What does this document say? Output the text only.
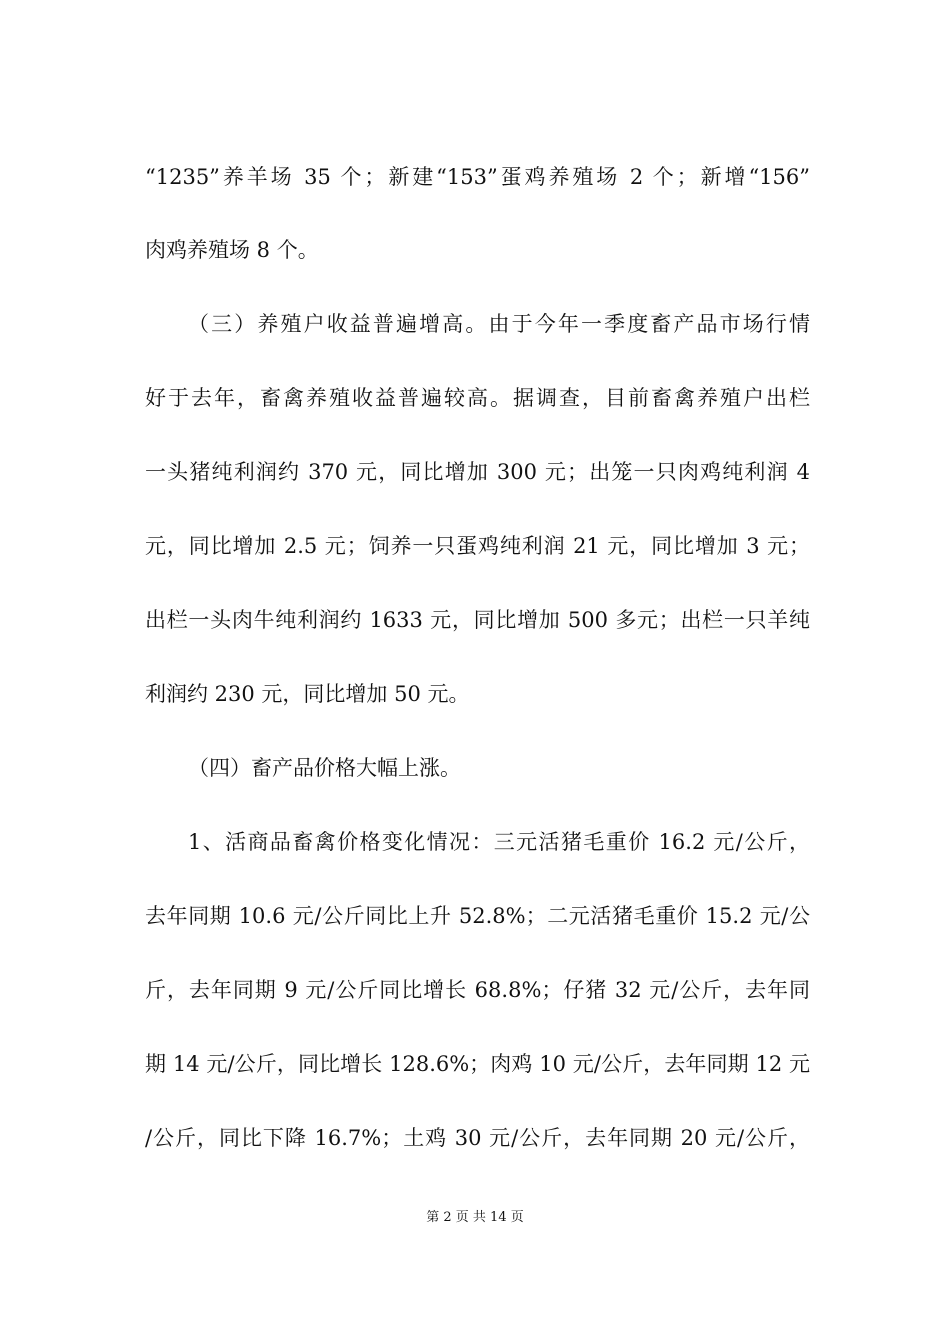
“1235”养羊场 35 个；新建“153”蛋鸡养殖场 2 个；新增“156”

肉鸡养殖场 8 个。

（三）养殖户收益普遍增高。由于今年一季度畜产品市场行情

好于去年，畜禽养殖收益普遍较高。据调查，目前畜禽养殖户出栏

一头猪纯利润约 370 元，同比增加 300 元；出笼一只肉鸡纯利润 4

元，同比增加 2.5 元；饲养一只蛋鸡纯利润 21 元，同比增加 3 元；

出栏一头肉牛纯利润约 1633 元，同比增加 500 多元；出栏一只羊纯

利润约 230 元，同比增加 50 元。

（四）畜产品价格大幅上涨。

1、活商品畜禽价格变化情况：三元活猪毛重价 16.2 元/公斤，

去年同期 10.6 元/公斤同比上升 52.8%；二元活猪毛重价 15.2 元/公

斤，去年同期 9 元/公斤同比增长 68.8%；仔猪 32 元/公斤，去年同

期 14 元/公斤，同比增长 128.6%；肉鸡 10 元/公斤，去年同期 12 元

/公斤，同比下降 16.7%；土鸡 30 元/公斤，去年同期 20 元/公斤，

第 2 页 共 14 页
